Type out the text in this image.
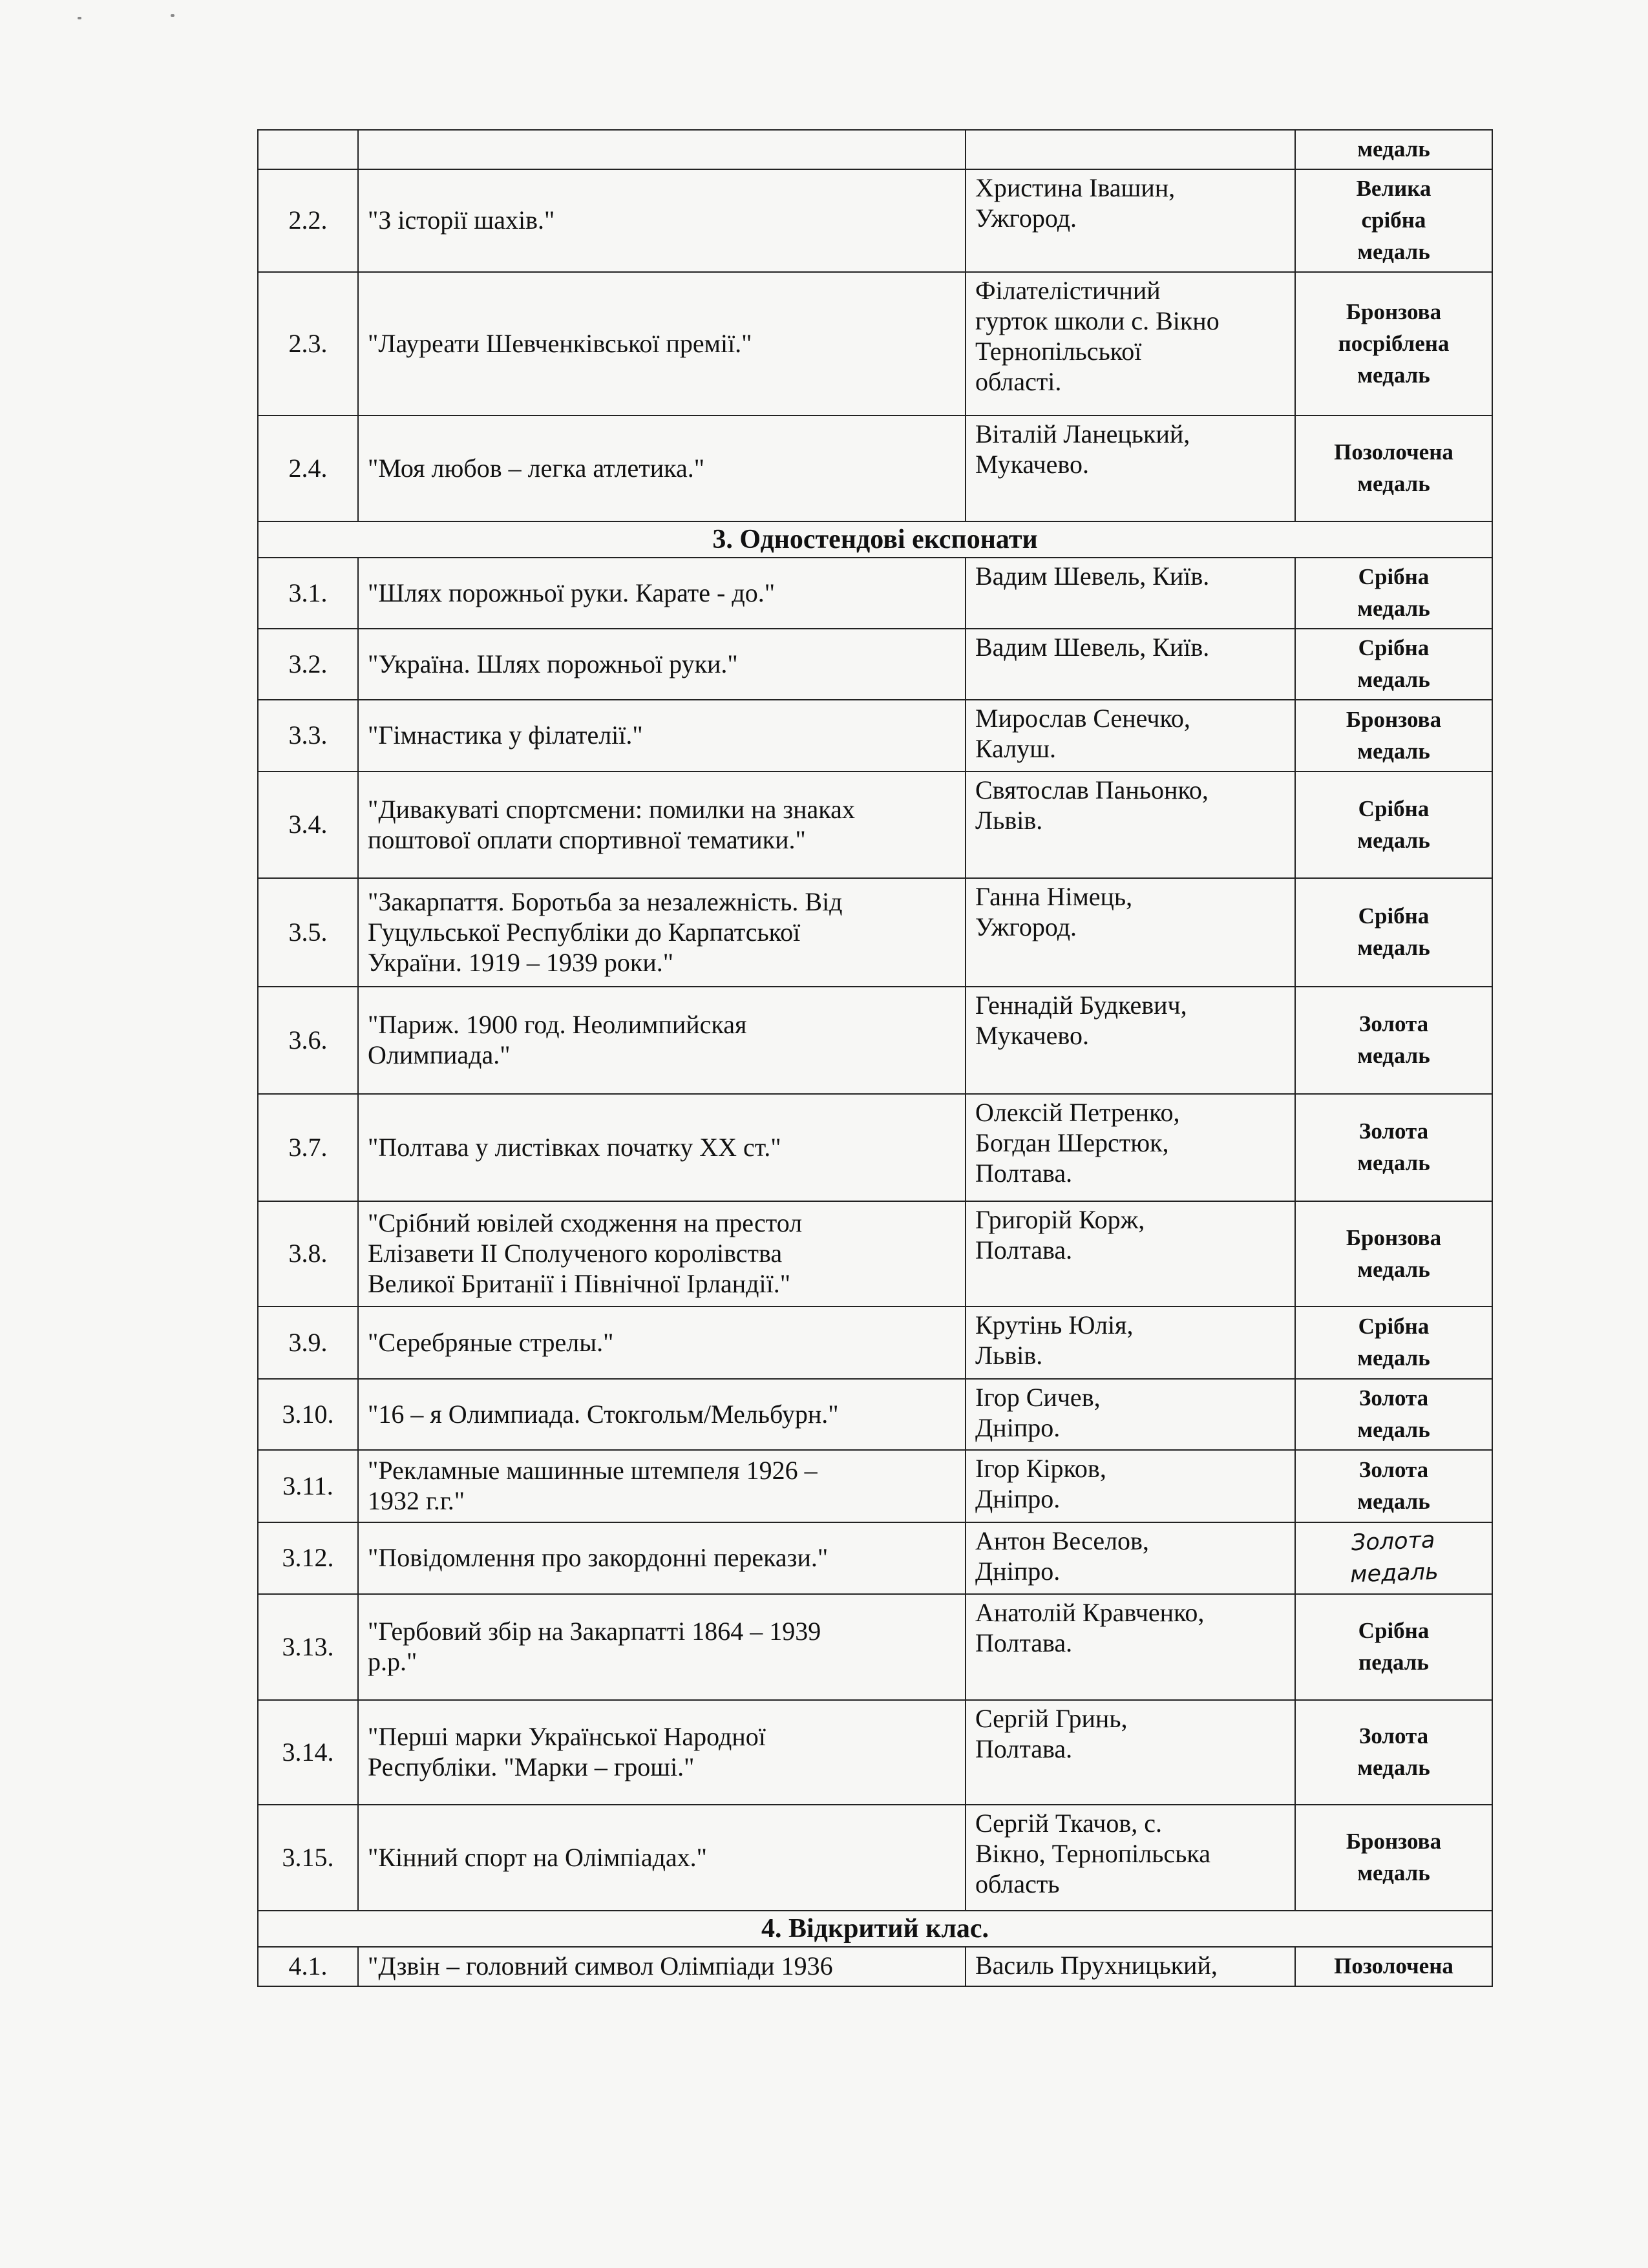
			медаль

2.2.	"З історії шахів."	Христина Івашин,
Ужгород.	Велика
срібна
медаль

2.3.	"Лауреати Шевченківської премії."	Філателістичний
гурток школи с. Вікно
Тернопільської
області.	Бронзова
посріблена
медаль

2.4.	"Моя любов – легка атлетика."	Віталій Ланецький,
Мукачево.	Позолочена
медаль

3. Одностендові експонати			

3.1.	"Шлях порожньої руки. Карате - до."	Вадим Шевель, Київ.	Срібна
медаль

3.2.	"Україна. Шлях порожньої руки."	Вадим Шевель, Київ.	Срібна
медаль

3.3.	"Гімнастика у філателії."	Мирослав Сенечко,
Калуш.	Бронзова
медаль

3.4.	"Дивакуваті спортсмени: помилки на знаках
поштової оплати спортивної тематики."	Святослав Паньонко,
Львів.	Срібна
медаль

3.5.	"Закарпаття. Боротьба за незалежність. Від
Гуцульської Республіки до Карпатської
України. 1919 – 1939 роки."	Ганна Німець,
Ужгород.	Срібна
медаль

3.6.	"Париж. 1900 год. Неолимпийская
Олимпиада."	Геннадій Будкевич,
Мукачево.	Золота
медаль

3.7.	"Полтава у листівках початку XX ст."	Олексій Петренко,
Богдан Шерстюк,
Полтава.	Золота
медаль

3.8.	"Срібний ювілей сходження на престол
Елізавети II Сполученого королівства
Великої Британії і Північної Ірландії."	Григорій Корж,
Полтава.	Бронзова
медаль

3.9.	"Серебряные стрелы."	Крутінь Юлія,
Львів.	Срібна
медаль

3.10.	"16 – я Олимпиада. Стокгольм/Мельбурн."	Ігор Сичев,
Дніпро.	Золота
медаль

3.11.	"Рекламные машинные штемпеля 1926 –
1932 г.г."	Ігор Кірков,
Дніпро.	Золота
медаль

3.12.	"Повідомлення про закордонні перекази."	Антон Веселов,
Дніпро.	Золота
медаль

3.13.	"Гербовий збір на Закарпатті 1864 – 1939
р.р."	Анатолій Кравченко,
Полтава.	Срібна
педаль

3.14.	"Перші марки Української Народної
Республіки. "Марки – гроші."	Сергій Гринь,
Полтава.	Золота
медаль

3.15.	"Кінний спорт на Олімпіадах."	Сергій Ткачов, с.
Вікно, Тернопільська
область	Бронзова
медаль

4. Відкритий клас.			

4.1.	"Дзвін – головний символ Олімпіади 1936	Василь Прухницький,	Позолочена
